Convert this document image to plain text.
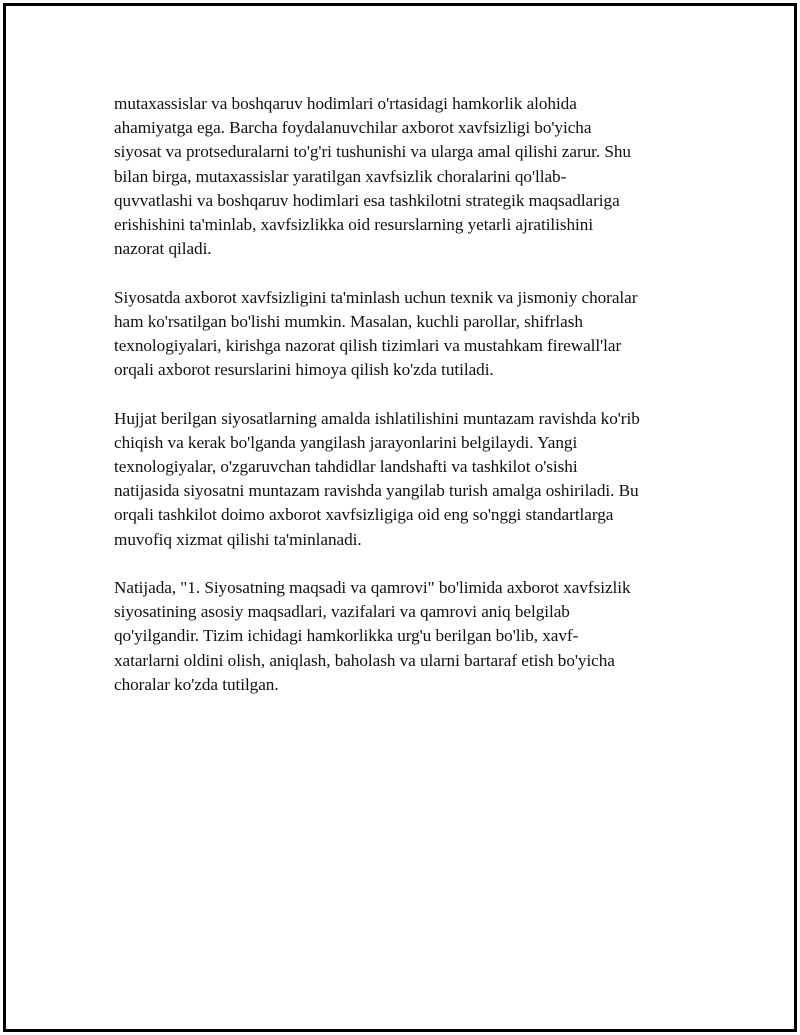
mutaxassislar va boshqaruv hodimlari o'rtasidagi hamkorlik alohida
ahamiyatga ega. Barcha foydalanuvchilar axborot xavfsizligi bo'yicha
siyosat va protseduralarni to'g'ri tushunishi va ularga amal qilishi zarur. Shu
bilan birga, mutaxassislar yaratilgan xavfsizlik choralarini qo'llab-
quvvatlashi va boshqaruv hodimlari esa tashkilotni strategik maqsadlariga
erishishini ta'minlab, xavfsizlikka oid resurslarning yetarli ajratilishini
nazorat qiladi.

Siyosatda axborot xavfsizligini ta'minlash uchun texnik va jismoniy choralar
ham ko'rsatilgan bo'lishi mumkin. Masalan, kuchli parollar, shifrlash
texnologiyalari, kirishga nazorat qilish tizimlari va mustahkam firewall'lar
orqali axborot resurslarini himoya qilish ko'zda tutiladi.

Hujjat berilgan siyosatlarning amalda ishlatilishini muntazam ravishda ko'rib
chiqish va kerak bo'lganda yangilash jarayonlarini belgilaydi. Yangi
texnologiyalar, o'zgaruvchan tahdidlar landshafti va tashkilot o'sishi
natijasida siyosatni muntazam ravishda yangilab turish amalga oshiriladi. Bu
orqali tashkilot doimo axborot xavfsizligiga oid eng so'nggi standartlarga
muvofiq xizmat qilishi ta'minlanadi.

Natijada, "1. Siyosatning maqsadi va qamrovi" bo'limida axborot xavfsizlik
siyosatining asosiy maqsadlari, vazifalari va qamrovi aniq belgilab
qo'yilgandir. Tizim ichidagi hamkorlikka urg'u berilgan bo'lib, xavf-
xatarlarni oldini olish, aniqlash, baholash va ularni bartaraf etish bo'yicha
choralar ko'zda tutilgan.
